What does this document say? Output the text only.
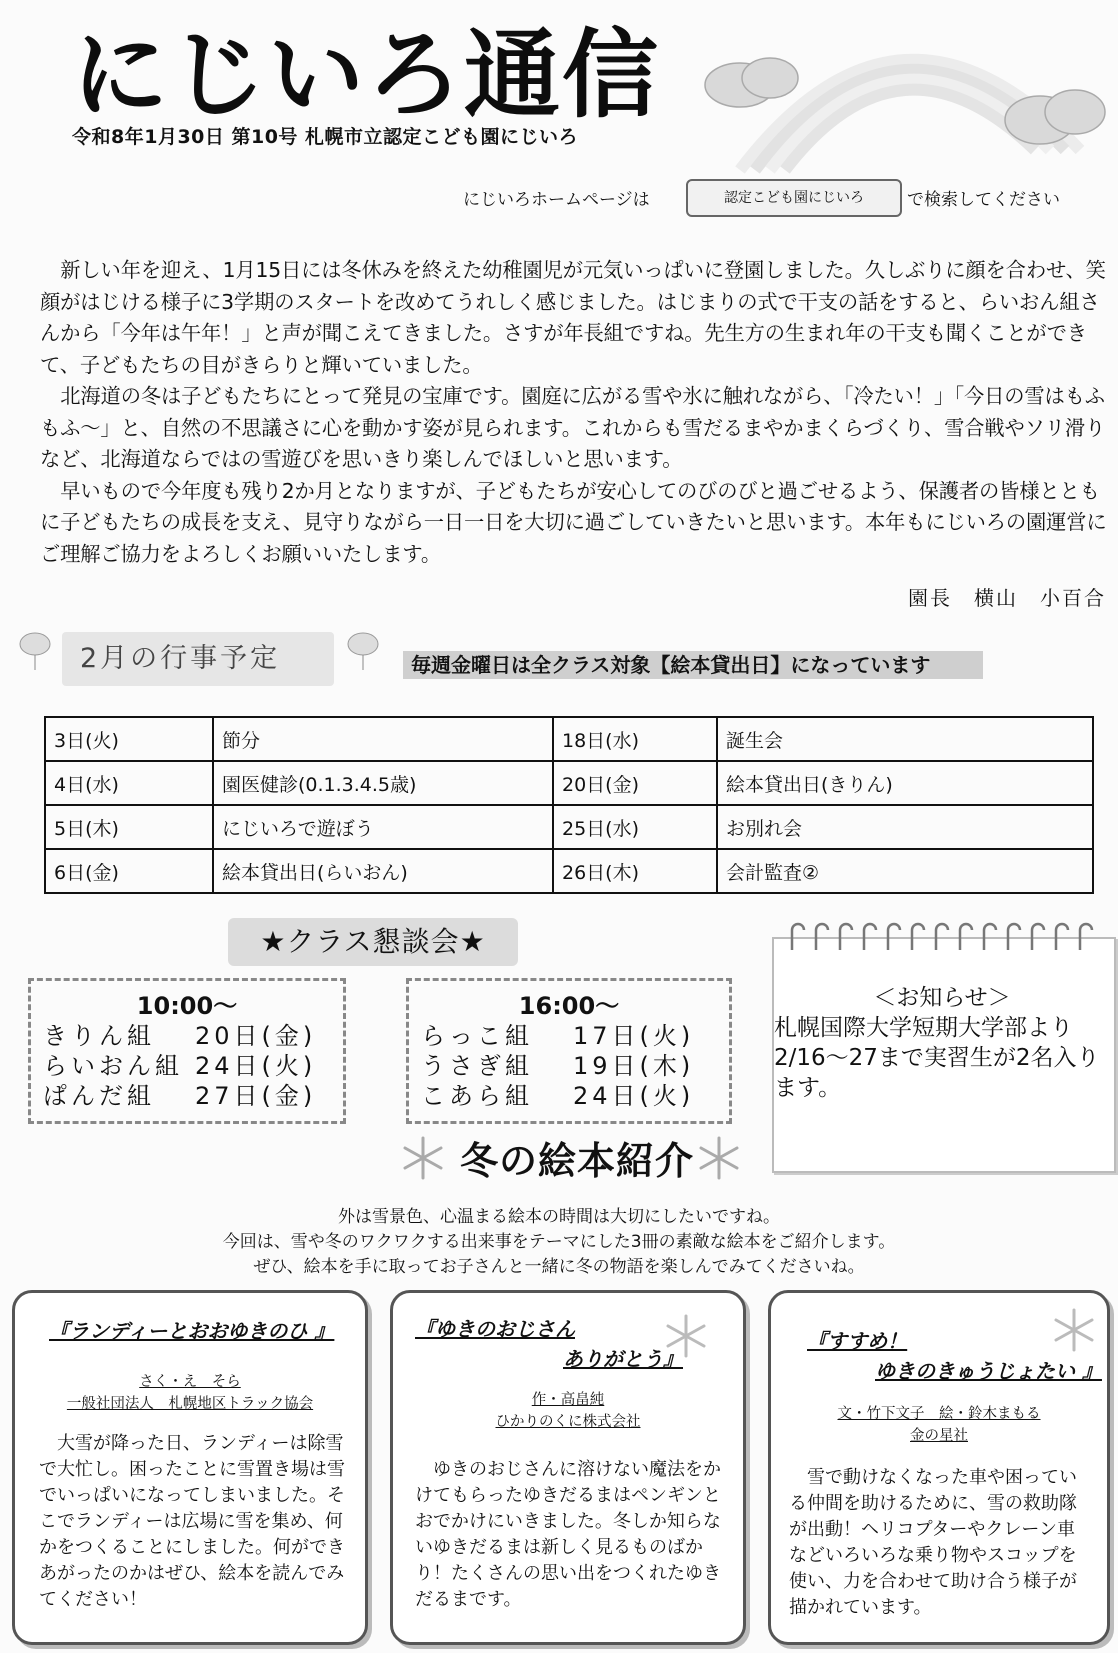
にじいろ通信
令和8年1月30日 第10号 札幌市立認定こども園にじいろ
にじいろホームページは	認定こども園にじいろ	で検索してください

新しい年を迎え、1月15日には冬休みを終えた幼稚園児が元気いっぱいに登園しました。久しぶりに顔を合わせ、笑顔がはじける様子に3学期のスタートを改めてうれしく感じました。はじまりの式で干支の話をすると、らいおん組さんから「今年は午年！」と声が聞こえてきました。さすが年長組ですね。先生方の生まれ年の干支も聞くことができて、子どもたちの目がきらりと輝いていました。

北海道の冬は子どもたちにとって発見の宝庫です。園庭に広がる雪や氷に触れながら、「冷たい！」「今日の雪はもふもふ～」と、自然の不思議さに心を動かす姿が見られます。これからも雪だるまやかまくらづくり、雪合戦やソリ滑りなど、北海道ならではの雪遊びを思いきり楽しんでほしいと思います。

早いもので今年度も残り2か月となりますが、子どもたちが安心してのびのびと過ごせるよう、保護者の皆様とともに子どもたちの成長を支え、見守りながら一日一日を大切に過ごしていきたいと思います。本年もにじいろの園運営にご理解ご協力をよろしくお願いいたします。

園長　横山　小百合
2月の行事予定	毎週金曜日は全クラス対象【絵本貸出日】になっています
3日(火)	節分	18日(水)	誕生会
4日(水)	園医健診(0.1.3.4.5歳)	20日(金)	絵本貸出日(きりん)
5日(木)	にじいろで遊ぼう	25日(水)	お別れ会
6日(金)	絵本貸出日(らいおん)	26日(木)	会計監査②
★クラス懇談会★
10:00～
きりん組	20日(金)
らいおん組 24日(火)
ぱんだ組	27日(金)
16:00～
らっこ組	17日(火)
うさぎ組	19日(木)
こあら組	24日(火)
＜お知らせ＞
札幌国際大学短期大学部より2/16～27まで実習生が2名入ります。
冬の絵本紹介
外は雪景色、心温まる絵本の時間は大切にしたいですね。
今回は、雪や冬のワクワクする出来事をテーマにした3冊の素敵な絵本をご紹介します。
ぜひ、絵本を手に取ってお子さんと一緒に冬の物語を楽しんでみてくださいね。
『ランディーとおおゆきのひ 』
さく・え　そら
一般社団法人　札幌地区トラック協会
大雪が降った日、ランディーは除雪で大忙し。困ったことに雪置き場は雪でいっぱいになってしまいました。そこでランディーは広場に雪を集め、何かをつくることにしました。何ができあがったのかはぜひ、絵本を読んでみてください！
『ゆきのおじさん
ありがとう』
作・高畠純
ひかりのくに株式会社
ゆきのおじさんに溶けない魔法をかけてもらったゆきだるまはペンギンとおでかけにいきました。冬しか知らないゆきだるまは新しく見るものばかり！たくさんの思い出をつくれたゆきだるまです。
『すすめ！
ゆきのきゅうじょたい 』
文・竹下文子　絵・鈴木まもる
金の星社
雪で動けなくなった車や困っている仲間を助けるために、雪の救助隊が出動！ヘリコプターやクレーン車などいろいろな乗り物やスコップを使い、力を合わせて助け合う様子が描かれています。
